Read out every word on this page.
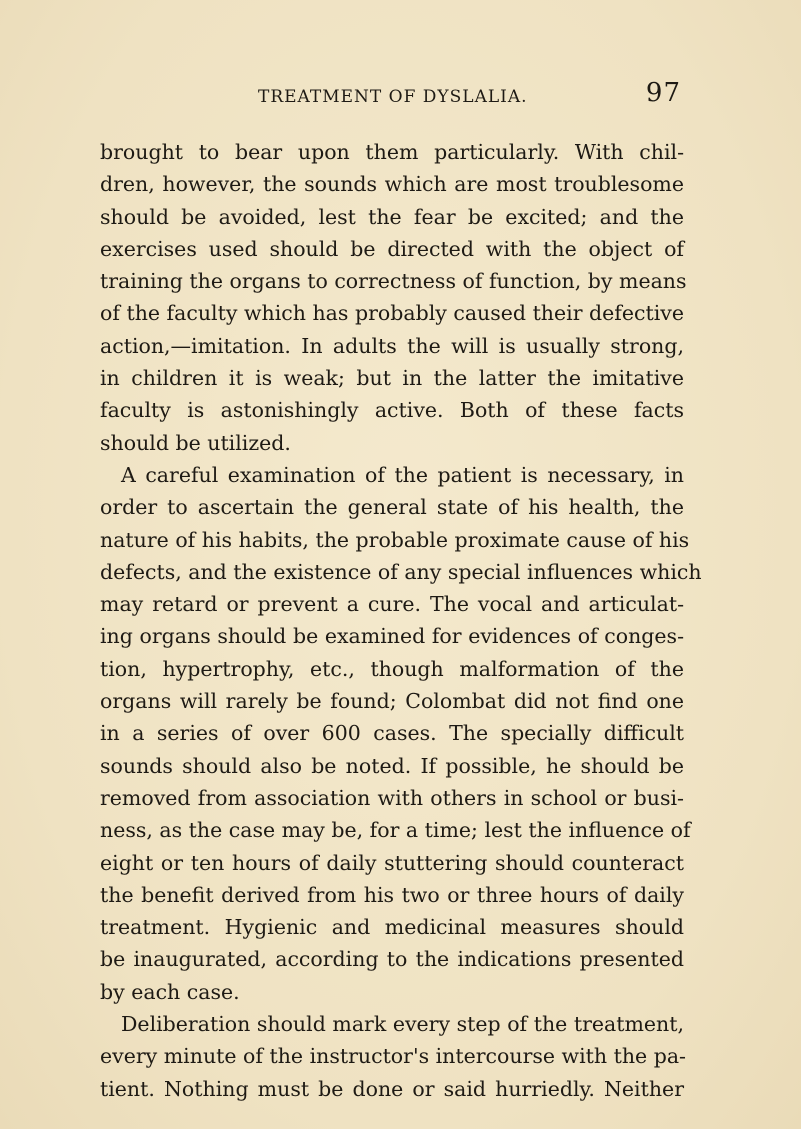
TREATMENT OF DYSLALIA.	97
brought to bear upon them particularly. With chil-
dren, however, the sounds which are most troublesome
should be avoided, lest the fear be excited; and the
exercises used should be directed with the object of
training the organs to correctness of function, by means
of the faculty which has probably caused their defective
action,—imitation. In adults the will is usually strong,
in children it is weak; but in the latter the imitative
faculty is astonishingly active. Both of these facts
should be utilized.
A careful examination of the patient is necessary, in
order to ascertain the general state of his health, the
nature of his habits, the probable proximate cause of his
defects, and the existence of any special influences which
may retard or prevent a cure. The vocal and articulat-
ing organs should be examined for evidences of conges-
tion, hypertrophy, etc., though malformation of the
organs will rarely be found; Colombat did not find one
in a series of over 600 cases. The specially difficult
sounds should also be noted. If possible, he should be
removed from association with others in school or busi-
ness, as the case may be, for a time; lest the influence of
eight or ten hours of daily stuttering should counteract
the benefit derived from his two or three hours of daily
treatment. Hygienic and medicinal measures should
be inaugurated, according to the indications presented
by each case.
Deliberation should mark every step of the treatment,
every minute of the instructor's intercourse with the pa-
tient. Nothing must be done or said hurriedly. Neither
